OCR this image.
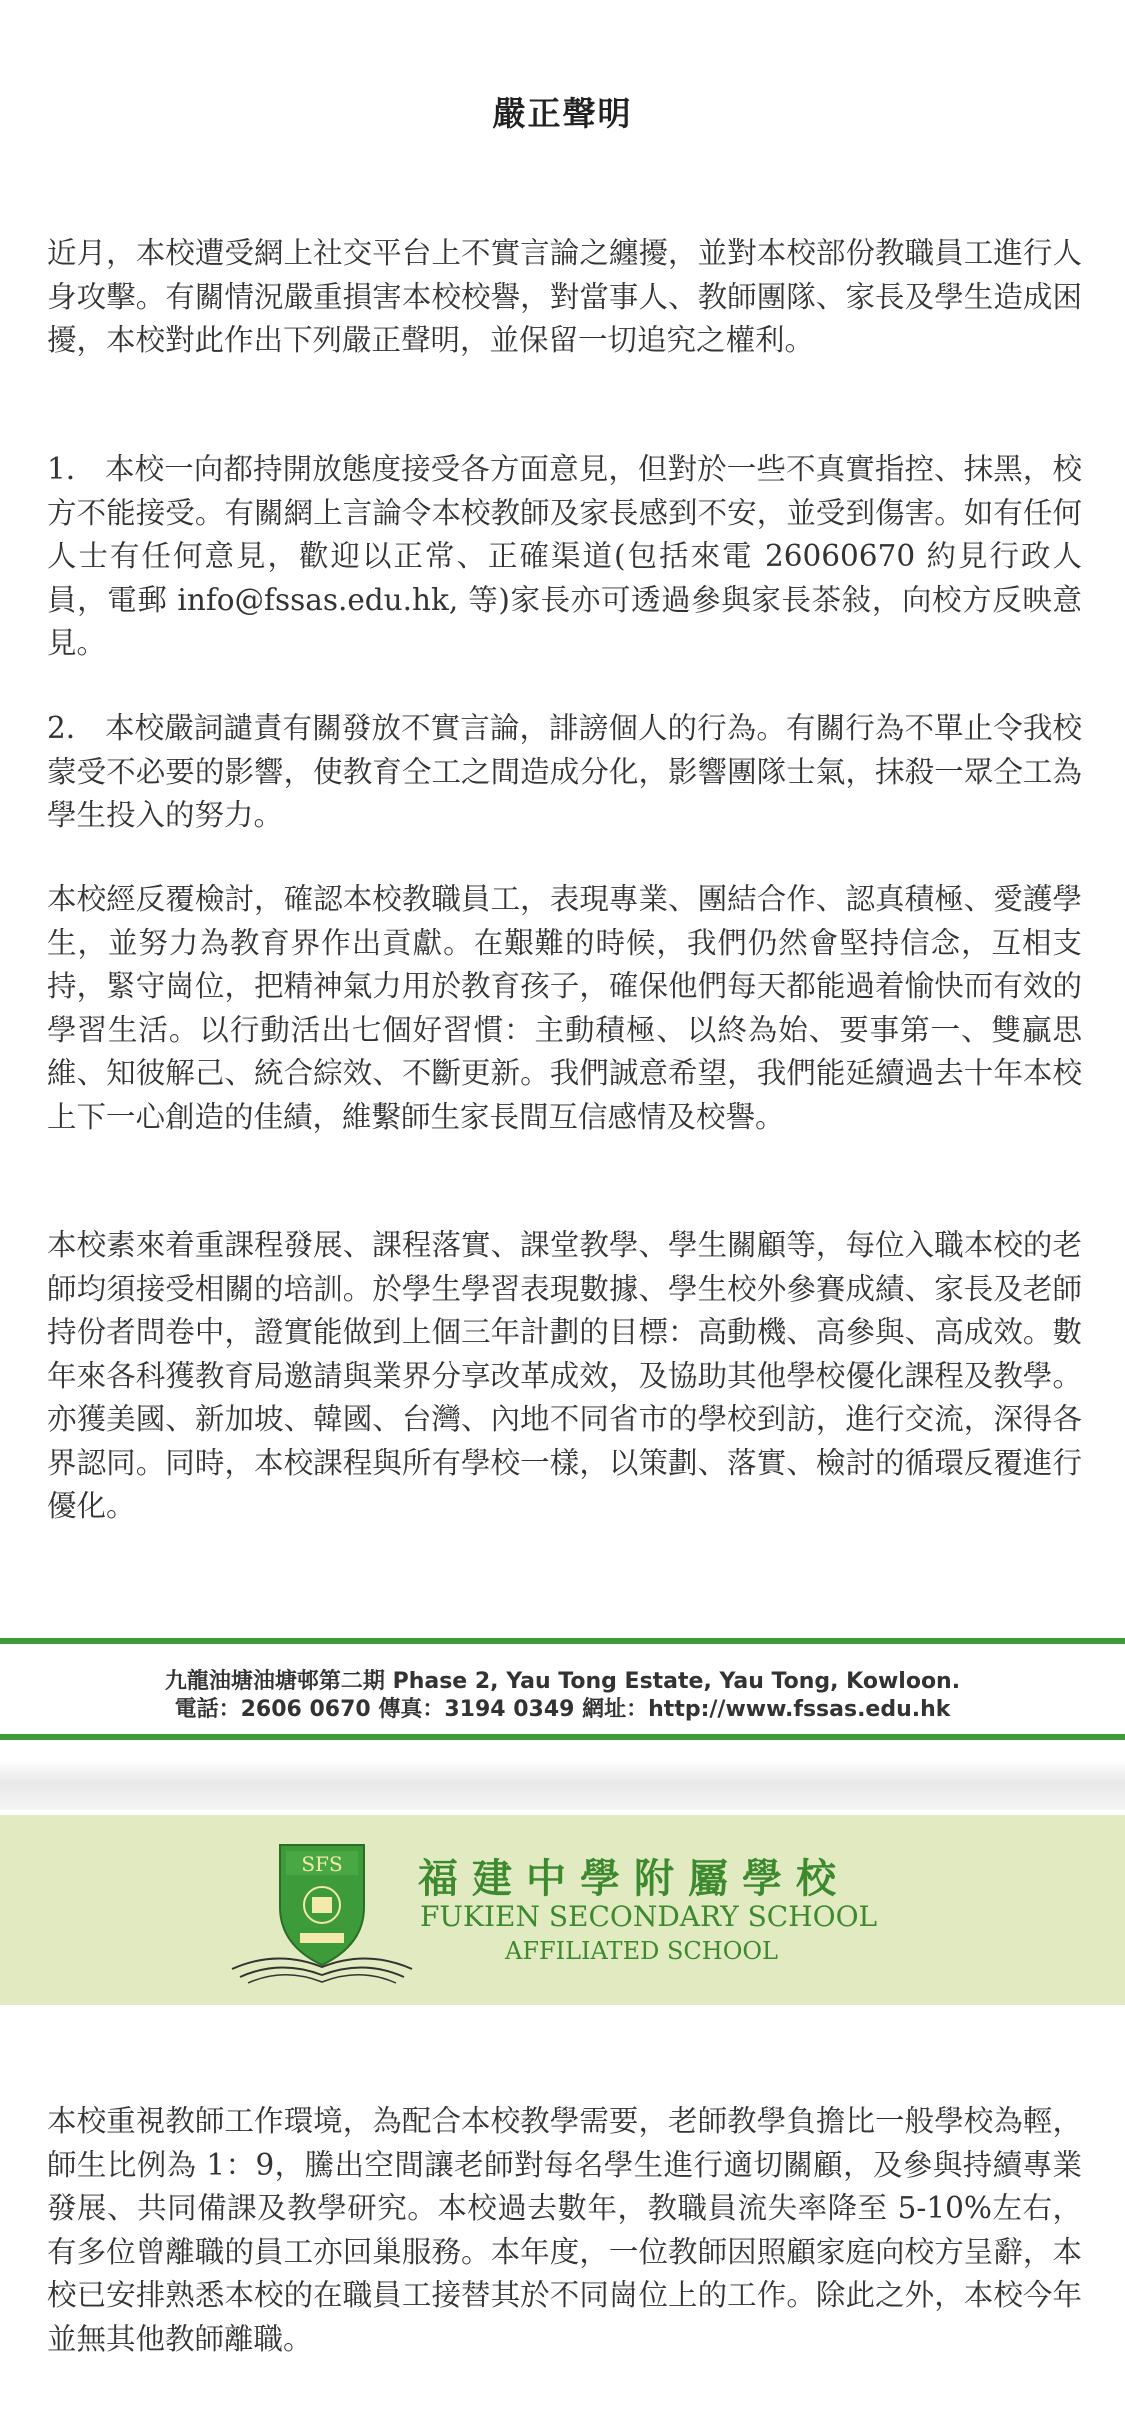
嚴正聲明

近月，本校遭受網上社交平台上不實言論之纏擾，並對本校部份教職員工進行人身攻擊。有關情況嚴重損害本校校譽，對當事人、教師團隊、家長及學生造成困擾，本校對此作出下列嚴正聲明，並保留一切追究之權利。

1． 本校一向都持開放態度接受各方面意見，但對於一些不真實指控、抹黑，校方不能接受。有關網上言論令本校教師及家長感到不安，並受到傷害。如有任何人士有任何意見，歡迎以正常、正確渠道(包括來電 26060670 約見行政人員，電郵 info@fssas.edu.hk, 等)家長亦可透過參與家長茶敍，向校方反映意見。

2． 本校嚴詞譴責有關發放不實言論，誹謗個人的行為。有關行為不單止令我校蒙受不必要的影響，使教育仝工之間造成分化，影響團隊士氣，抹殺一眾仝工為學生投入的努力。

本校經反覆檢討，確認本校教職員工，表現專業、團結合作、認真積極、愛護學生，並努力為教育界作出貢獻。在艱難的時候，我們仍然會堅持信念，互相支持，緊守崗位，把精神氣力用於教育孩子，確保他們每天都能過着愉快而有效的學習生活。以行動活出七個好習慣：主動積極、以終為始、要事第一、雙贏思維、知彼解己、統合綜效、不斷更新。我們誠意希望，我們能延續過去十年本校上下一心創造的佳績，維繫師生家長間互信感情及校譽。

本校素來着重課程發展、課程落實、課堂教學、學生關顧等，每位入職本校的老師均須接受相關的培訓。於學生學習表現數據、學生校外參賽成績、家長及老師持份者問卷中，證實能做到上個三年計劃的目標：高動機、高參與、高成效。數年來各科獲教育局邀請與業界分享改革成效，及協助其他學校優化課程及教學。亦獲美國、新加坡、韓國、台灣、內地不同省市的學校到訪，進行交流，深得各界認同。同時，本校課程與所有學校一樣，以策劃、落實、檢討的循環反覆進行優化。

九龍油塘油塘邨第二期 Phase 2, Yau Tong Estate, Yau Tong, Kowloon.
電話：2606 0670 傳真：3194 0349 網址：http://www.fssas.edu.hk
SFS 福建中學附屬學校
FUKIEN SECONDARY SCHOOL
AFFILIATED SCHOOL

本校重視教師工作環境，為配合本校教學需要，老師教學負擔比一般學校為輕，師生比例為 1：9，騰出空間讓老師對每名學生進行適切關顧，及參與持續專業發展、共同備課及教學研究。本校過去數年，教職員流失率降至 5-10%左右，有多位曾離職的員工亦回巢服務。本年度，一位教師因照顧家庭向校方呈辭，本校已安排熟悉本校的在職員工接替其於不同崗位上的工作。除此之外，本校今年並無其他教師離職。
